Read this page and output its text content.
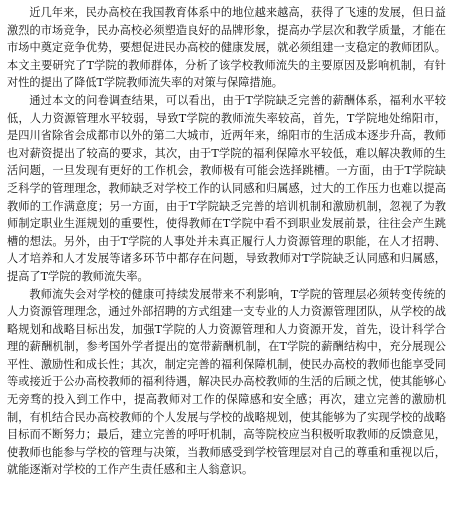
近几年来，民办高校在我国教育体系中的地位越来越高，获得了飞速的发展，但日益激烈的市场竞争，民办高校必须塑造良好的品牌形象，提高办学层次和教学质量，才能在市场中奠定竞争优势，要想促进民办高校的健康发展，就必须组建一支稳定的教师团队。本文主要研究了T学院的教师群体，分析了该学校教师流失的主要原因及影响机制，有针对性的提出了降低T学院教师流失率的对策与保障措施。

通过本文的问卷调查结果，可以看出，由于T学院缺乏完善的薪酬体系，福利水平较低，人力资源管理水平较弱，导致T学院的教师流失率较高，首先，T学院地处绵阳市，是四川省除省会成都市以外的第二大城市，近两年来，绵阳市的生活成本逐步升高，教师也对薪资提出了较高的要求，其次，由于T学院的福利保障水平较低，难以解决教师的生活问题，一旦发现有更好的工作机会，教师极有可能会选择跳槽。一方面，由于T学院缺乏科学的管理理念，教师缺乏对学校工作的认同感和归属感，过大的工作压力也难以提高教师的工作满意度；另一方面，由于T学院缺乏完善的培训机制和激励机制，忽视了为教师制定职业生涯规划的重要性，使得教师在T学院中看不到职业发展前景，往往会产生跳槽的想法。另外，由于T学院的人事处并未真正履行人力资源管理的职能，在人才招聘、人才培养和人才发展等诸多环节中都存在问题，导致教师对T学院缺乏认同感和归属感，提高了T学院的教师流失率。

教师流失会对学校的健康可持续发展带来不利影响，T学院的管理层必须转变传统的人力资源管理理念，通过外部招聘的方式组建一支专业的人力资源管理团队，从学校的战略规划和战略目标出发，加强T学院的人力资源管理和人力资源开发，首先，设计科学合理的薪酬机制，参考国外学者提出的宽带薪酬机制，在T学院的薪酬结构中，充分展现公平性、激励性和成长性；其次，制定完善的福利保障机制，使民办高校的教师也能享受同等或接近于公办高校教师的福利待遇，解决民办高校教师的生活的后顾之忧，使其能够心无旁骛的投入到工作中，提高教师对工作的保障感和安全感；再次，建立完善的激励机制，有机结合民办高校教师的个人发展与学校的战略规划，使其能够为了实现学校的战略目标而不断努力；最后，建立完善的呼吁机制，高等院校应当积极听取教师的反馈意见，使教师也能参与学校的管理与决策，当教师感受到学校管理层对自己的尊重和重视以后，就能逐渐对学校的工作产生责任感和主人翁意识。
